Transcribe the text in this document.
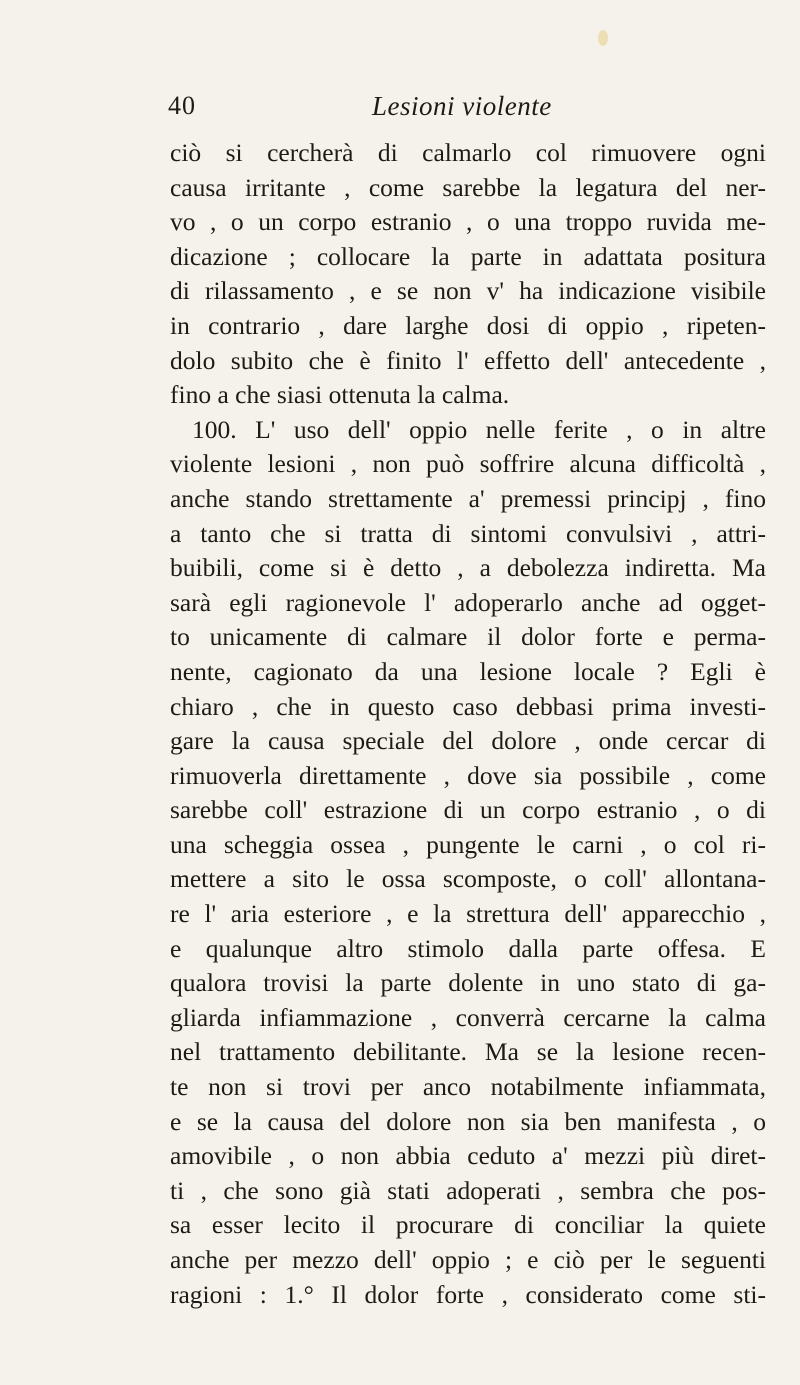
40	Lesioni violente
ciò si cercherà di calmarlo col rimuovere ogni
causa irritante , come sarebbe la legatura del ner-
vo , o un corpo estranio , o una troppo ruvida me-
dicazione ; collocare la parte in adattata positura
di rilassamento , e se non v' ha indicazione visibile
in contrario , dare larghe dosi di oppio , ripeten-
dolo subito che è finito l' effetto dell' antecedente ,
fino a che siasi ottenuta la calma.
100. L' uso dell' oppio nelle ferite , o in altre
violente lesioni , non può soffrire alcuna difficoltà ,
anche stando strettamente a' premessi principj , fino
a tanto che si tratta di sintomi convulsivi , attri-
buibili, come si è detto , a debolezza indiretta. Ma
sarà egli ragionevole l' adoperarlo anche ad ogget-
to unicamente di calmare il dolor forte e perma-
nente, cagionato da una lesione locale ? Egli è
chiaro , che in questo caso debbasi prima investi-
gare la causa speciale del dolore , onde cercar di
rimuoverla direttamente , dove sia possibile , come
sarebbe coll' estrazione di un corpo estranio , o di
una scheggia ossea , pungente le carni , o col ri-
mettere a sito le ossa scomposte, o coll' allontana-
re l' aria esteriore , e la strettura dell' apparecchio ,
e qualunque altro stimolo dalla parte offesa. E
qualora trovisi la parte dolente in uno stato di ga-
gliarda infiammazione , converrà cercarne la calma
nel trattamento debilitante. Ma se la lesione recen-
te non si trovi per anco notabilmente infiammata,
e se la causa del dolore non sia ben manifesta , o
amovibile , o non abbia ceduto a' mezzi più diret-
ti , che sono già stati adoperati , sembra che pos-
sa esser lecito il procurare di conciliar la quiete
anche per mezzo dell' oppio ; e ciò per le seguenti
ragioni : 1.° Il dolor forte , considerato come sti-
